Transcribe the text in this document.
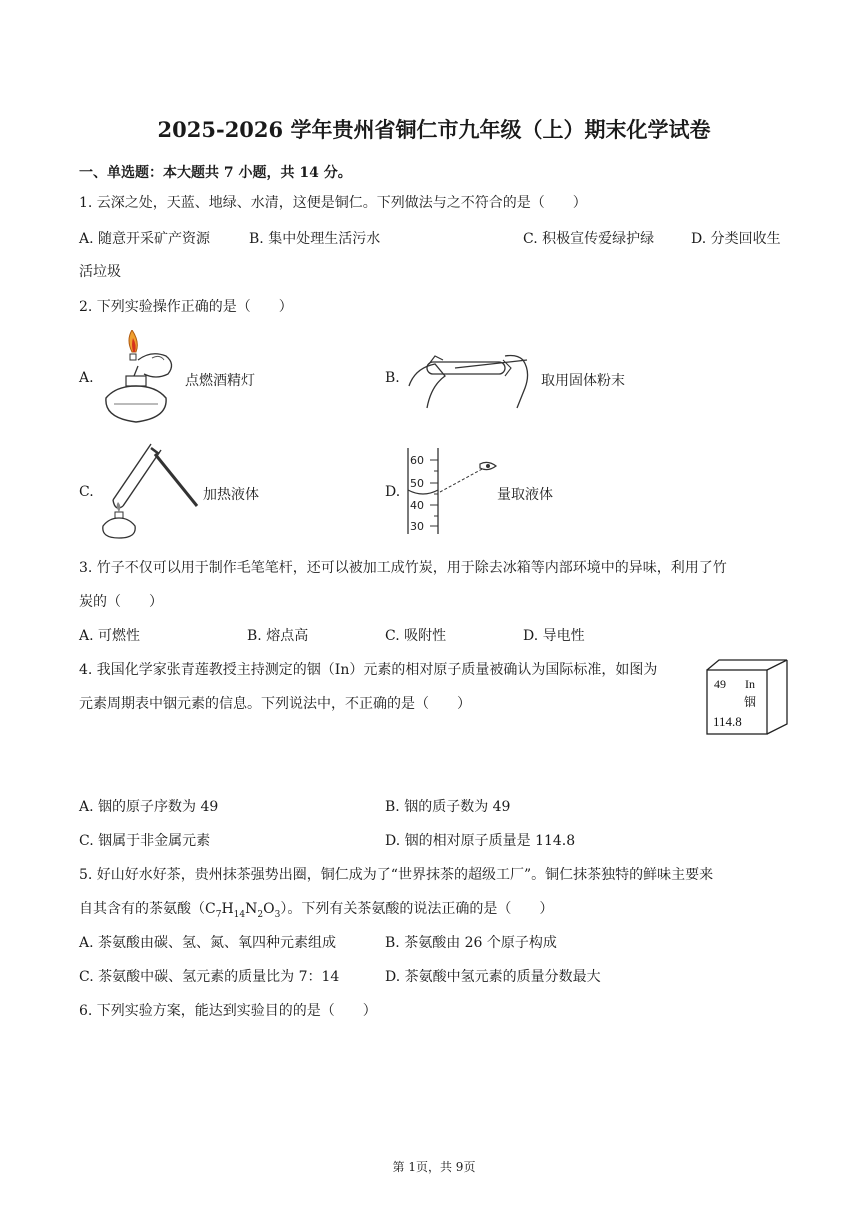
2025-2026 学年贵州省铜仁市九年级（上）期末化学试卷
一、单选题：本大题共 7 小题，共 14 分。
1. 云深之处，天蓝、地绿、水清，这便是铜仁。下列做法与之不符合的是（　　）
A. 随意开采矿产资源	B. 集中处理生活污水	C. 积极宣传爱绿护绿	D. 分类回收生
活垃圾
2. 下列实验操作正确的是（　　）
A.	点燃酒精灯	B.	取用固体粉末
C.	加热液体	D.
60
50
40
30
量取液体
3. 竹子不仅可以用于制作毛笔笔杆，还可以被加工成竹炭，用于除去冰箱等内部环境中的异味，利用了竹
炭的（　　）
A. 可燃性	B. 熔点高	C. 吸附性	D. 导电性
4. 我国化学家张青莲教授主持测定的铟（In）元素的相对原子质量被确认为国际标准，如图为
元素周期表中铟元素的信息。下列说法中，不正确的是（　　）
49 In
铟
114.8
A. 铟的原子序数为 49	B. 铟的质子数为 49
C. 铟属于非金属元素	D. 铟的相对原子质量是 114.8
5. 好山好水好茶，贵州抹茶强势出圈，铜仁成为了“世界抹茶的超级工厂”。铜仁抹茶独特的鲜味主要来
自其含有的茶氨酸$(C_7H_{14}N_2O_3)$。下列有关茶氨酸的说法正确的是（　　）
A. 茶氨酸由碳、氢、氮、氧四种元素组成	B. 茶氨酸由 26 个原子构成
C. 茶氨酸中碳、氢元素的质量比为 7：14	D. 茶氨酸中氢元素的质量分数最大
6. 下列实验方案，能达到实验目的的是（　　）
第 1页，共 9页
